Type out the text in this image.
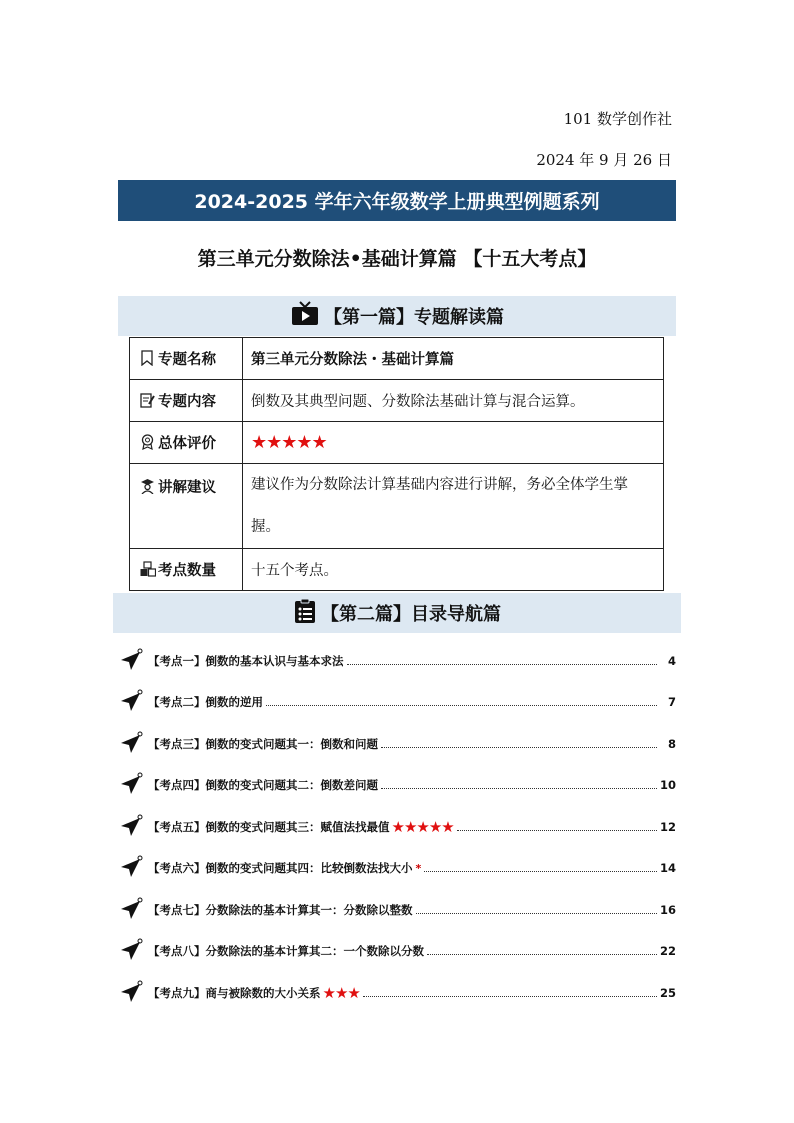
101 数学创作社
2024 年 9 月 26 日
2024-2025 学年六年级数学上册典型例题系列
第三单元分数除法•基础计算篇 【十五大考点】
【第一篇】专题解读篇
专题名称	第三单元分数除法・基础计算篇
专题内容	倒数及其典型问题、分数除法基础计算与混合运算。
总体评价	★★★★★
讲解建议	建议作为分数除法计算基础内容进行讲解，务必全体学生掌握。
考点数量	十五个考点。
【第二篇】目录导航篇
【考点一】倒数的基本认识与基本求法	4
【考点二】倒数的逆用	7
【考点三】倒数的变式问题其一：倒数和问题	8
【考点四】倒数的变式问题其二：倒数差问题	10
【考点五】倒数的变式问题其三：赋值法找最值 ★★★★★	12
【考点六】倒数的变式问题其四：比较倒数法找大小 *	14
【考点七】分数除法的基本计算其一：分数除以整数	16
【考点八】分数除法的基本计算其二：一个数除以分数	22
【考点九】商与被除数的大小关系 ★★★	25
